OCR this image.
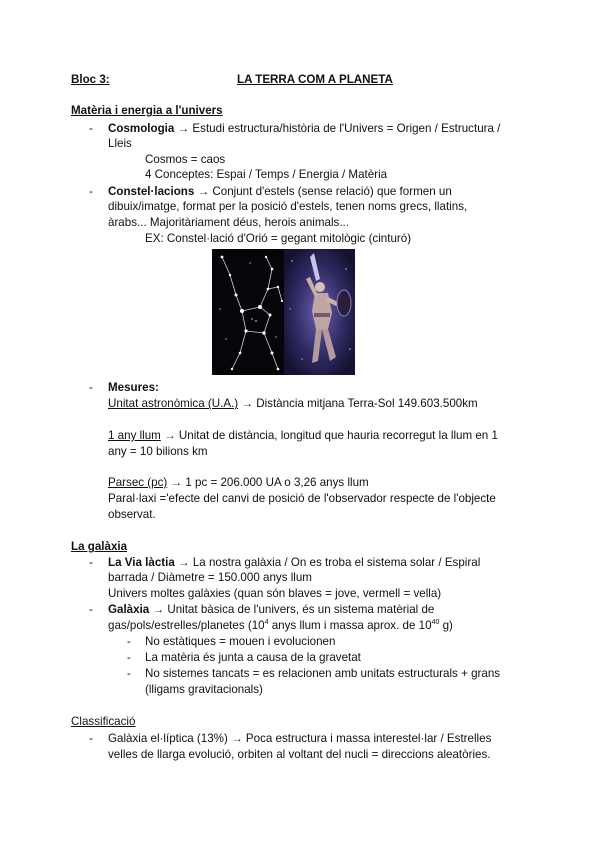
Bloc 3:	LA TERRA COM A PLANETA
Matèria i energia a l'univers
- Cosmologia → Estudi estructura/història de l'Univers = Origen / Estructura /
Lleis
Cosmos = caos
4 Conceptes: Espai / Temps / Energia / Matèria
- Constel·lacions → Conjunt d'estels (sense relació) que formen un
dibuix/imatge, format per la posició d'estels, tenen noms grecs, llatins,
àrabs... Majoritàriament déus, herois animals...
EX: Constel·lació d'Orió = gegant mitològic (cinturó)
- Mesures:
Unitat astronòmica (U.A.) → Distància mitjana Terra-Sol 149.603.500km
1 any llum → Unitat de distància, longitud que hauria recorregut la llum en 1
any = 10 bilions km
Parsec (pc) → 1 pc = 206.000 UA o 3,26 anys llum
Paral·laxi ='efecte del canvi de posició de l'observador respecte de l'objecte
observat.
La galàxia
- La Via làctia → La nostra galàxia / On es troba el sistema solar / Espiral
barrada / Diàmetre = 150.000 anys llum
Univers moltes galàxies (quan són blaves = jove, vermell = vella)
- Galàxia → Unitat bàsica de l'univers, és un sistema matèrial de
gas/pols/estrelles/planetes ($10^4$ anys llum i massa aprox. de $10^{40}$ g)
- No estàtiques = mouen i evolucionen
- La matèria és junta a causa de la gravetat
- No sistemes tancats = es relacionen amb unitats estructurals + grans
(lligams gravitacionals)
Classificació
- Galàxia el·líptica (13%) → Poca estructura i massa interestel·lar / Estrelles
velles de llarga evolució, orbiten al voltant del nucli = direccions aleatòries.
